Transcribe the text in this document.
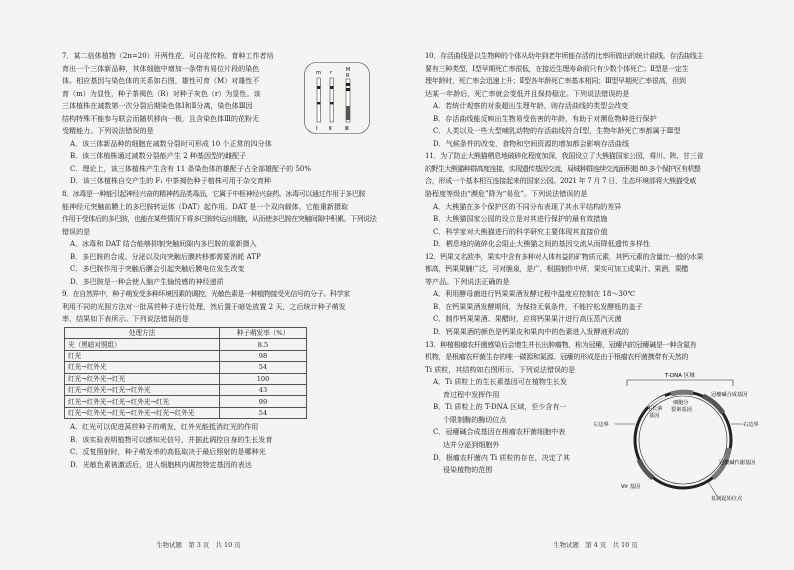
7．某二倍体植物（2n=20）开两性花，可自花传粉。育种工作者培

育出一个三体新品种，其体细胞中增加一条带有易位片段的染色

体。相应基因与染色体的关系如右图，雄性可育（M）对雄性不

育（m）为显性，种子茶褐色（R）对种子灰色（r）为显性。该

三体植株在减数第一次分裂后期染色体Ⅰ和Ⅱ分离，染色体Ⅲ因

结构特殊不能参与联会而随机移向一极，且含染色体Ⅲ的花粉无

受精能力。下列说法错误的是

A．该三体新品种的细胞在减数分裂时可形成 10 个正常的四分体

B．该三体植株通过减数分裂能产生 2 种基因型的雌配子

C．理论上，该三体植株产生含有 11 条染色体的雄配子占全部雄配子的 50%

D．该三体植株自交产生的 F₁ 中茶褐色种子植株可用于杂交育种

8．冰毒是一种能引起神经兴奋的精神药品类毒品，它属于中枢神经兴奋药。冰毒可以通过作用于多巴胺

能神经元突触前膜上的多巴胺转运体（DAT）起作用。DAT 是一个双向载体，它能重新摄取

作用于受体后的多巴胺，也能在某些情况下将多巴胺转运出细胞，从而使多巴胺在突触间隙中积累。下列说法

错误的是

A．冰毒和 DAT 结合能够抑制突触间隙内多巴胺的重新摄入

B．多巴胺的合成、分泌以及向突触后膜转移都需要消耗 ATP

C．多巴胺作用于突触后膜会引起突触后膜电位发生改变

D．多巴胺是一种会使人脑产生愉悦感的神经递质

9．在自然界中，种子萌发受多种环境因素的调控，光敏色素是一种植物接受光信号的分子。科学家

利用不同的光照方法对一批莴苣种子进行处理，然后置于暗处放置 2 天，之后统计种子萌发

率，结果如下表所示。下列说法错误的是

处理方法	种子萌发率（%）
光（黑暗对照组）	8.5
红光	98
红光→红外光	54
红光→红外光→红光	100
红光→红外光→红光→红外光	43
红光→红外光→红光→红外光→红光	99
红光→红外光→红光→红外光→红光→红外光	54

A．红光可以促进莴苣种子的萌发，红外光能抵消红光的作用

B．该实验表明植物可以感知光信号，并据此调控自身的生长发育

C．反复照射时，种子萌发率的高低取决于最后照射的是哪种光

D．光敏色素被激活后，进入细胞核内调控特定基因的表达

m r	M
R
Ⅰ Ⅱ Ⅲ
生物试题　第 3 页　共 10 页

10．存活曲线是以生物种的个体从幼年到老年所能存活的比率所做出的统计曲线。存活曲线主

要有三种类型，Ⅰ型早期死亡率很低，在接近生理寿命前只有少数个体死亡；Ⅱ型是一定生

理年龄时，死亡率会迅速上升；Ⅱ型各年龄死亡率基本相同；Ⅲ型早期死亡率很高，但到

达某一年龄后，死亡率就会变低并且保持稳定。下列说法错误的是

A．若统计观察的对象超出生理年龄，则存活曲线的类型会改变

B．存活曲线能反映出生物易受伤害的年龄，有助于对濒危物种进行保护

C．人类以及一些大型哺乳动物的存活曲线符合Ⅰ型，生物年龄死亡率都属于Ⅲ型

D．气候条件的改变，食物和空间资源的增加都会影响存活曲线

11．为了防止大熊猫栖息地破碎化程度加深，我国设立了大熊猫国家公园，将川、陕、甘三省

的野生大熊猫种群高度连接，实现遗传基因交流，局城种群连续交流面积超 80 多个保护区有机整

合，形成一个基本相互连接起来的国家公园。2021 年 7 月 7 日，生态环境部将大熊猫受威

胁程度等级由“濒危”降为“易危”。下列说法错误的是

A．大熊猫在多个保护区的不同分布表现了其水平结构的差异

B．大熊猫国家公园的设立是对其进行保护的最有效措施

C．科学家对大熊猫进行的科学研究主要体现其直接价值

D．栖息地的破碎化会阻止大熊猫之间的基因交流从而降低遗传多样性

12．钙果又名欧李，果实中含有多种对人体有益的矿物质元素，其钙元素的含量比一般的水果

都高，钙果果脯广泛，可对脆泉，是广，根据制作中所，果实可加工成果汁、果酒，果醋

等产品。下列说法正确的是

A．利用酵母菌进行钙果果酒发酵过程中温度应控制在 18～30℃

B．在钙果果酒发酵期间，为保持无氧条件，不能拧松发酵瓶的盖子

C．制作钙果果酒、果醋时，应将钙果果汁进行高压蒸汽灭菌

D．钙果果酒的颜色是钙果皮和果肉中的色素进入发酵液形成的

13．种植根瘤农杆菌感染后会增生并长出肿瘤物，称为冠瘿，冠瘿内的冠瘿碱是一种含氮有

机物，是根瘤农杆菌生存的唯一碳源和氮源。冠瘿的形成是由于根瘤农杆菌携带有天然的

Ti 质粒，其结构如右图所示。下列说法错误的是

A．Ti 质粒上的生长素基因可在植物生长发

育过程中发挥作用

B．Ti 质粒上的 T-DNA 区域，至少含有一

个限制酶的酶切位点

C．冠瘿碱合成基因在根瘤农杆菌细胞中表

达并分泌到细胞外

D．根瘤农杆菌内 Ti 质粒的存在，决定了其

侵染植物的范围

T-DNA 区域
生长素
基因
细胞分
裂素基因
冠瘿碱合成基因
左边界	右边界
冠瘿碱代谢基因
Vir 基因
复制起始位点
生物试题　第 4 页　共 10 页
